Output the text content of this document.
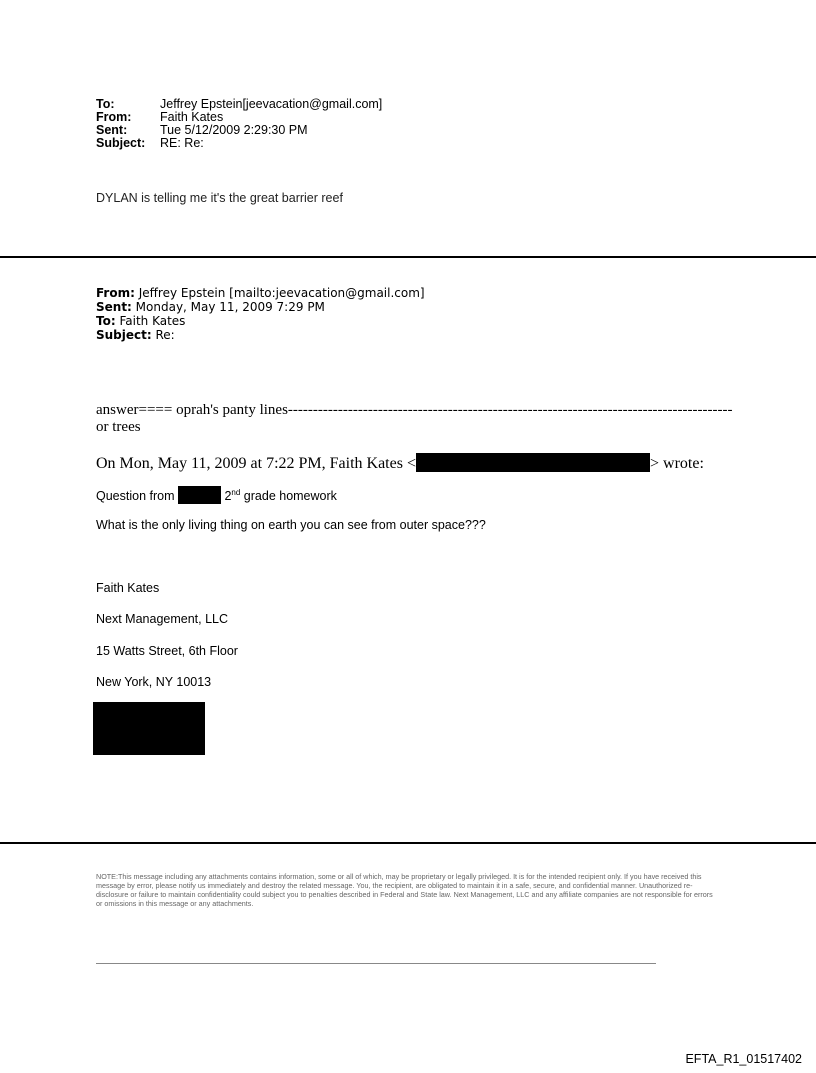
To:	Jeffrey Epstein[jeevacation@gmail.com]
From: Faith Kates
Sent:	Tue 5/12/2009 2:29:30 PM
Subject: RE: Re:
DYLAN is telling me it's the great barrier reef
From: Jeffrey Epstein [mailto:jeevacation@gmail.com]
Sent: Monday, May 11, 2009 7:29 PM
To: Faith Kates
Subject: Re:
answer==== oprah's panty lines-----------------------------------------------------------------------------------------
or trees
On Mon, May 11, 2009 at 7:22 PM, Faith Kates <	> wrote:
Question from	2nd grade homework
What is the only living thing on earth you can see from outer space???
Faith Kates
Next Management, LLC
15 Watts Street, 6th Floor
New York, NY 10013
NOTE:This message including any attachments contains information, some or all of which, may be proprietary or legally privileged. It is for the intended recipient only. If you have received this message by error, please notify us immediately and destroy the related message. You, the recipient, are obligated to maintain it in a safe, secure, and confidential manner. Unauthorized re-disclosure or failure to maintain confidentiality could subject you to penalties described in Federal and State law. Next Management, LLC and any affiliate companies are not responsible for errors or omissions in this message or any attachments.
EFTA_R1_01517402
